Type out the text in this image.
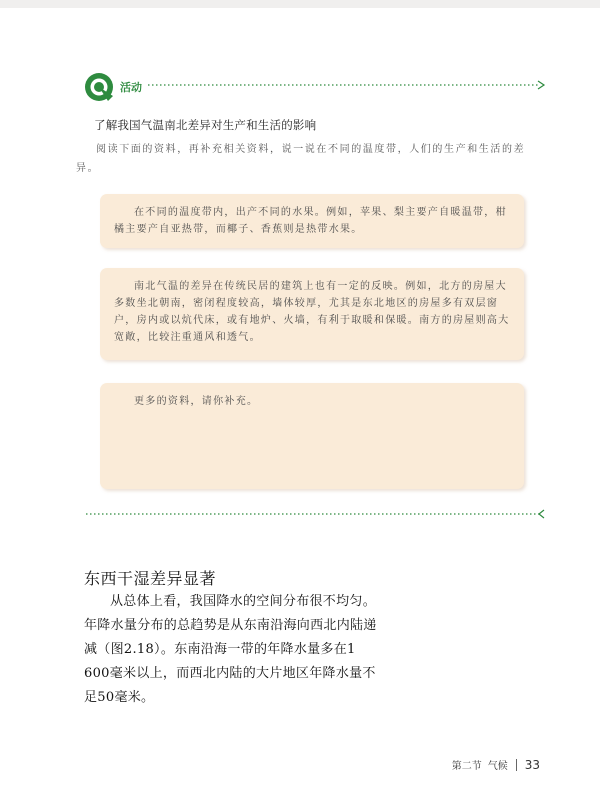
活动
了解我国气温南北差异对生产和生活的影响
阅读下面的资料，再补充相关资料，说一说在不同的温度带，人们的生产和生活的差异。

在不同的温度带内，出产不同的水果。例如，苹果、梨主要产自暖温带，柑橘主要产自亚热带，而椰子、香蕉则是热带水果。

南北气温的差异在传统民居的建筑上也有一定的反映。例如，北方的房屋大多数坐北朝南，密闭程度较高，墙体较厚，尤其是东北地区的房屋多有双层窗户，房内或以炕代床，或有地炉、火墙，有利于取暖和保暖。南方的房屋则高大宽敞，比较注重通风和透气。

更多的资料，请你补充。

东西干湿差异显著

从总体上看，我国降水的空间分布很不均匀。年降水量分布的总趋势是从东南沿海向西北内陆递减（图2.18）。东南沿海一带的年降水量多在1 600毫米以上，而西北内陆的大片地区年降水量不足50毫米。

第二节 气候 33
